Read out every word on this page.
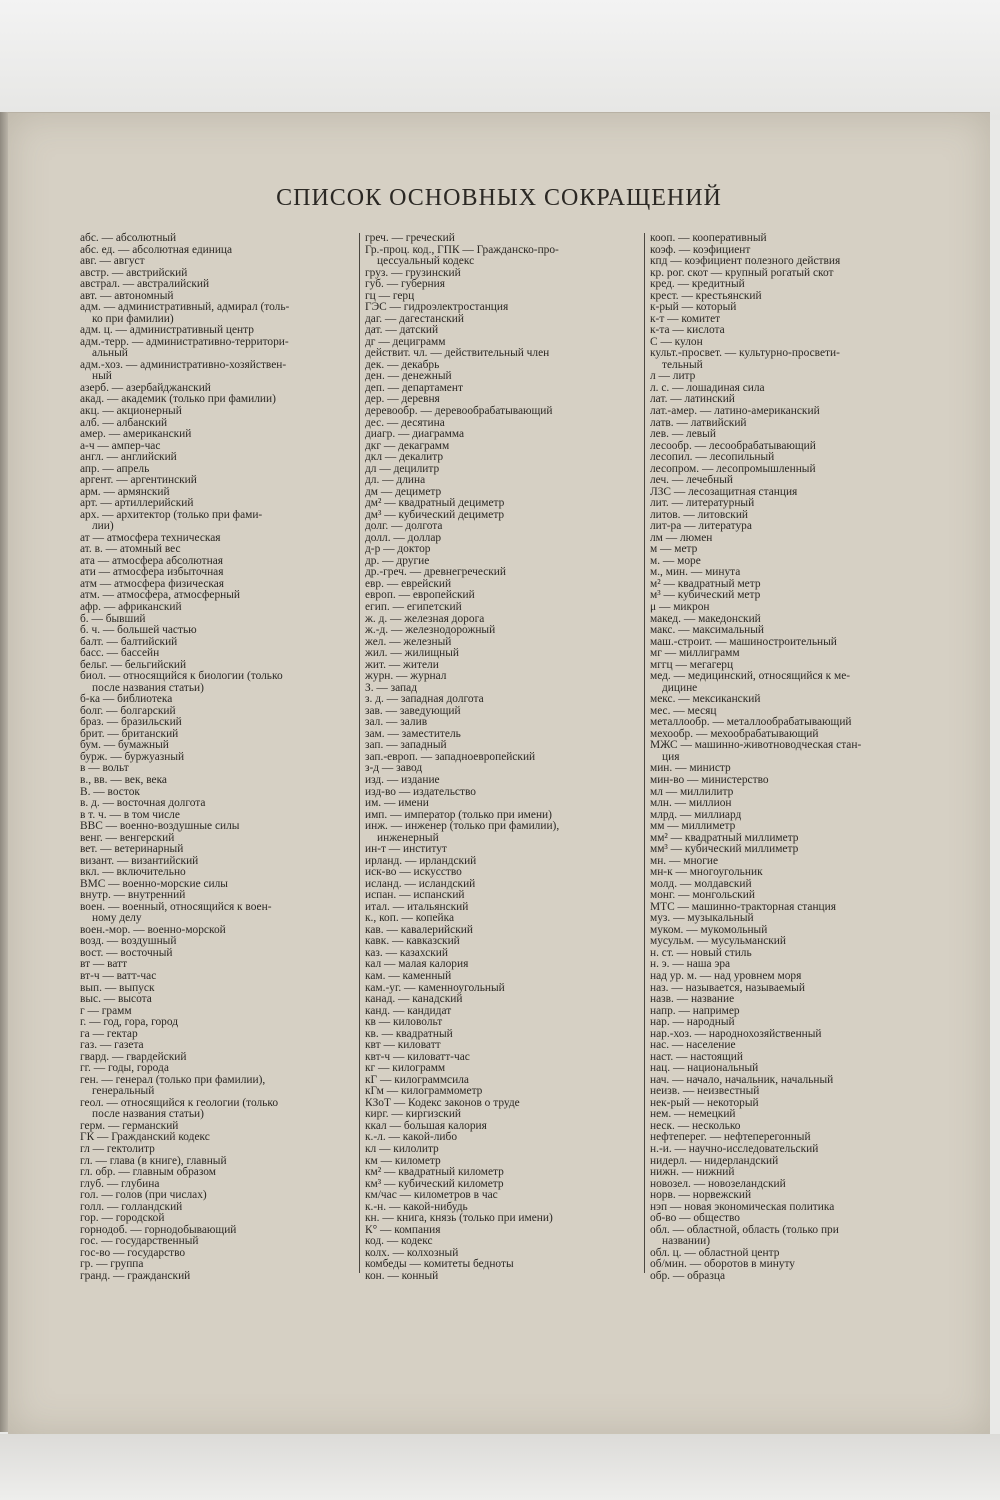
СПИСОК ОСНОВНЫХ СОКРАЩЕНИЙ
абс. — абсолютный
абс. ед. — абсолютная единица
авг. — август
австр. — австрийский
австрал. — австралийский
авт. — автономный
адм. — административный, адмирал (толь-
ко при фамилии)
адм. ц. — административный центр
адм.-терр. — административно-территори-
альный
адм.-хоз. — административно-хозяйствен-
ный
азерб. — азербайджанский
акад. — академик (только при фамилии)
акц. — акционерный
алб. — албанский
амер. — американский
а-ч — ампер-час
англ. — английский
апр. — апрель
аргент. — аргентинский
арм. — армянский
арт. — артиллерийский
арх. — архитектор (только при фами-
лии)
ат — атмосфера техническая
ат. в. — атомный вес
ата — атмосфера абсолютная
ати — атмосфера избыточная
атм — атмосфера физическая
атм. — атмосфера, атмосферный
афр. — африканский
б. — бывший
б. ч. — большей частью
балт. — балтийский
басс. — бассейн
бельг. — бельгийский
биол. — относящийся к биологии (только
после названия статьи)
б-ка — библиотека
болг. — болгарский
браз. — бразильский
брит. — британский
бум. — бумажный
бурж. — буржуазный
в — вольт
в., вв. — век, века
В. — восток
в. д. — восточная долгота
в т. ч. — в том числе
ВВС — военно-воздушные силы
венг. — венгерский
вет. — ветеринарный
визант. — византийский
вкл. — включительно
ВМС — военно-морские силы
внутр. — внутренний
воен. — военный, относящийся к воен-
ному делу
воен.-мор. — военно-морской
возд. — воздушный
вост. — восточный
вт — ватт
вт-ч — ватт-час
вып. — выпуск
выс. — высота
г — грамм
г. — год, гора, город
га — гектар
газ. — газета
гвард. — гвардейский
гг. — годы, города
ген. — генерал (только при фамилии),
генеральный
геол. — относящийся к геологии (только
после названия статьи)
герм. — германский
ГК — Гражданский кодекс
гл — гектолитр
гл. — глава (в книге), главный
гл. обр. — главным образом
глуб. — глубина
гол. — голов (при числах)
голл. — голландский
гор. — городской
горнодоб. — горнодобывающий
гос. — государственный
гос-во — государство
гр. — группа
гранд. — гражданский
греч. — греческий
Гр.-проц. код., ГПК — Гражданско-про-
цессуальный кодекс
груз. — грузинский
губ. — губерния
гц — герц
ГЭС — гидроэлектростанция
даг. — дагестанский
дат. — датский
дг — дециграмм
действит. чл. — действительный член
дек. — декабрь
ден. — денежный
деп. — департамент
дер. — деревня
деревообр. — деревообрабатывающий
дес. — десятина
диагр. — диаграмма
дкг — декаграмм
дкл — декалитр
дл — децилитр
дл. — длина
дм — дециметр
дм² — квадратный дециметр
дм³ — кубический дециметр
долг. — долгота
долл. — доллар
д-р — доктор
др. — другие
др.-греч. — древнегреческий
евр. — еврейский
европ. — европейский
егип. — египетский
ж. д. — железная дорога
ж.-д. — железнодорожный
жел. — железный
жил. — жилищный
жит. — жители
журн. — журнал
З. — запад
з. д. — западная долгота
зав. — заведующий
зал. — залив
зам. — заместитель
зап. — западный
зап.-европ. — западноевропейский
з-д — завод
изд. — издание
изд-во — издательство
им. — имени
имп. — император (только при имени)
инж. — инженер (только при фамилии),
инженерный
ин-т — институт
ирланд. — ирландский
иск-во — искусство
исланд. — исландский
испан. — испанский
итал. — итальянский
к., коп. — копейка
кав. — кавалерийский
кавк. — кавказский
каз. — казахский
кал — малая калория
кам. — каменный
кам.-уг. — каменноугольный
канад. — канадский
канд. — кандидат
кв — киловольт
кв. — квадратный
квт — киловатт
квт-ч — киловатт-час
кг — килограмм
кГ — килограммсила
кГм — килограммометр
КЗоТ — Кодекс законов о труде
кирг. — киргизский
ккал — большая калория
к.-л. — какой-либо
кл — килолитр
км — километр
км² — квадратный километр
км³ — кубический километр
км/час — километров в час
к.-н. — какой-нибудь
кн. — книга, князь (только при имени)
К° — компания
код. — кодекс
колх. — колхозный
комбеды — комитеты бедноты
кон. — конный
кооп. — кооперативный
коэф. — коэфициент
кпд — коэфициент полезного действия
кр. рог. скот — крупный рогатый скот
кред. — кредитный
крест. — крестьянский
к-рый — который
к-т — комитет
к-та — кислота
С — кулон
культ.-просвет. — культурно-просвети-
тельный
л — литр
л. с. — лошадиная сила
лат. — латинский
лат.-амер. — латино-американский
латв. — латвийский
лев. — левый
лесообр. — лесообрабатывающий
лесопил. — лесопильный
лесопром. — лесопромышленный
леч. — лечебный
ЛЗС — лесозащитная станция
лит. — литературный
литов. — литовский
лит-ра — литература
лм — люмен
м — метр
м. — море
м., мин. — минута
м² — квадратный метр
м³ — кубический метр
μ — микрон
макед. — македонский
макс. — максимальный
маш.-строит. — машиностроительный
мг — миллиграмм
мггц — мегагерц
мед. — медицинский, относящийся к ме-
дицине
мекс. — мексиканский
мес. — месяц
металлообр. — металлообрабатывающий
мехообр. — мехообрабатывающий
МЖС — машинно-животноводческая стан-
ция
мин. — министр
мин-во — министерство
мл — миллилитр
млн. — миллион
млрд. — миллиард
мм — миллиметр
мм² — квадратный миллиметр
мм³ — кубический миллиметр
мн. — многие
мн-к — многоугольник
молд. — молдавский
монг. — монгольский
МТС — машинно-тракторная станция
муз. — музыкальный
муком. — мукомольный
мусульм. — мусульманский
н. ст. — новый стиль
н. э. — наша эра
над ур. м. — над уровнем моря
наз. — называется, называемый
назв. — название
напр. — например
нар. — народный
нар.-хоз. — народнохозяйственный
нас. — население
наст. — настоящий
нац. — национальный
нач. — начало, начальник, начальный
неизв. — неизвестный
нек-рый — некоторый
нем. — немецкий
неск. — несколько
нефтеперег. — нефтеперегонный
н.-и. — научно-исследовательский
нидерл. — нидерландский
нижн. — нижний
новозел. — новозеландский
норв. — норвежский
нэп — новая экономическая политика
об-во — общество
обл. — областной, область (только при
названии)
обл. ц. — областной центр
об/мин. — оборотов в минуту
обр. — образца
